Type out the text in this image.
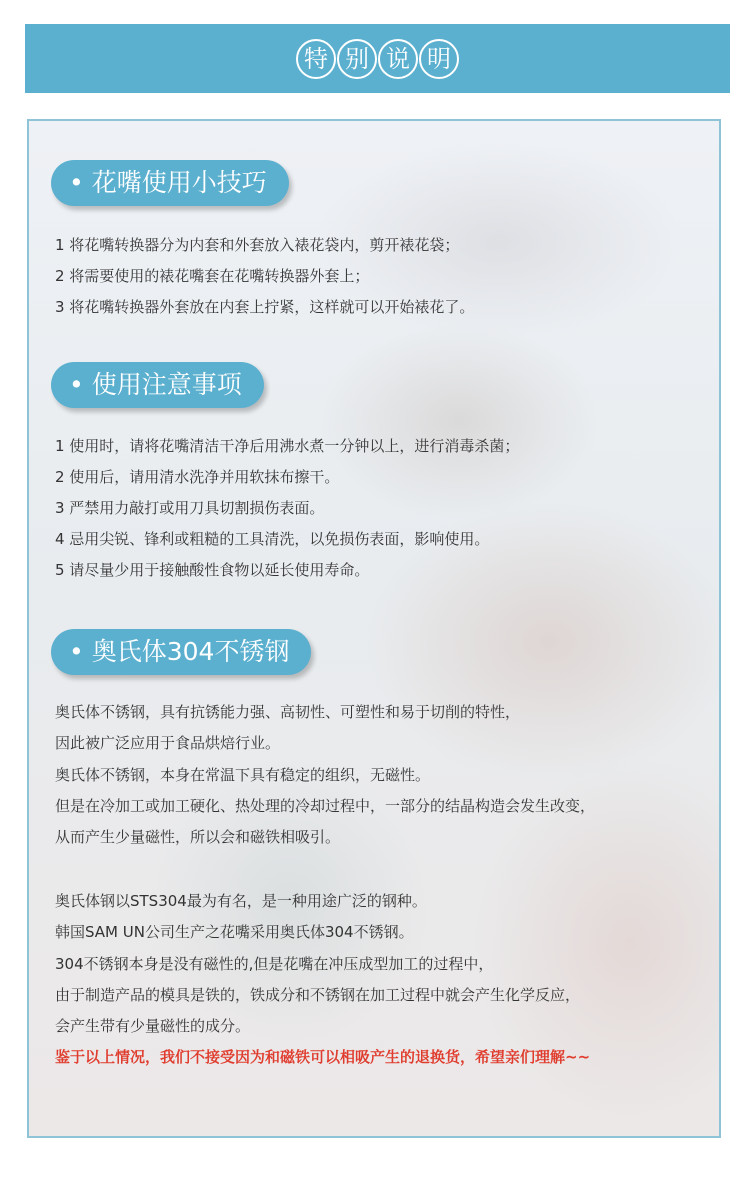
特 别 说 明
• 花嘴使用小技巧
1 将花嘴转换器分为内套和外套放入裱花袋内，剪开裱花袋；
2 将需要使用的裱花嘴套在花嘴转换器外套上；
3 将花嘴转换器外套放在内套上拧紧，这样就可以开始裱花了。
• 使用注意事项
1 使用时，请将花嘴清洁干净后用沸水煮一分钟以上，进行消毒杀菌；
2 使用后，请用清水洗净并用软抹布擦干。
3 严禁用力敲打或用刀具切割损伤表面。
4 忌用尖锐、锋利或粗糙的工具清洗，以免损伤表面，影响使用。
5 请尽量少用于接触酸性食物以延长使用寿命。
• 奥氏体304不锈钢
奥氏体不锈钢，具有抗锈能力强、高韧性、可塑性和易于切削的特性，
因此被广泛应用于食品烘焙行业。
奥氏体不锈钢，本身在常温下具有稳定的组织，无磁性。
但是在冷加工或加工硬化、热处理的冷却过程中，一部分的结晶构造会发生改变，
从而产生少量磁性，所以会和磁铁相吸引。
奥氏体钢以STS304最为有名，是一种用途广泛的钢种。
韩国SAM UN公司生产之花嘴采用奥氏体304不锈钢。
304不锈钢本身是没有磁性的,但是花嘴在冲压成型加工的过程中，
由于制造产品的模具是铁的，铁成分和不锈钢在加工过程中就会产生化学反应，
会产生带有少量磁性的成分。
鉴于以上情况，我们不接受因为和磁铁可以相吸产生的退换货，希望亲们理解~~
